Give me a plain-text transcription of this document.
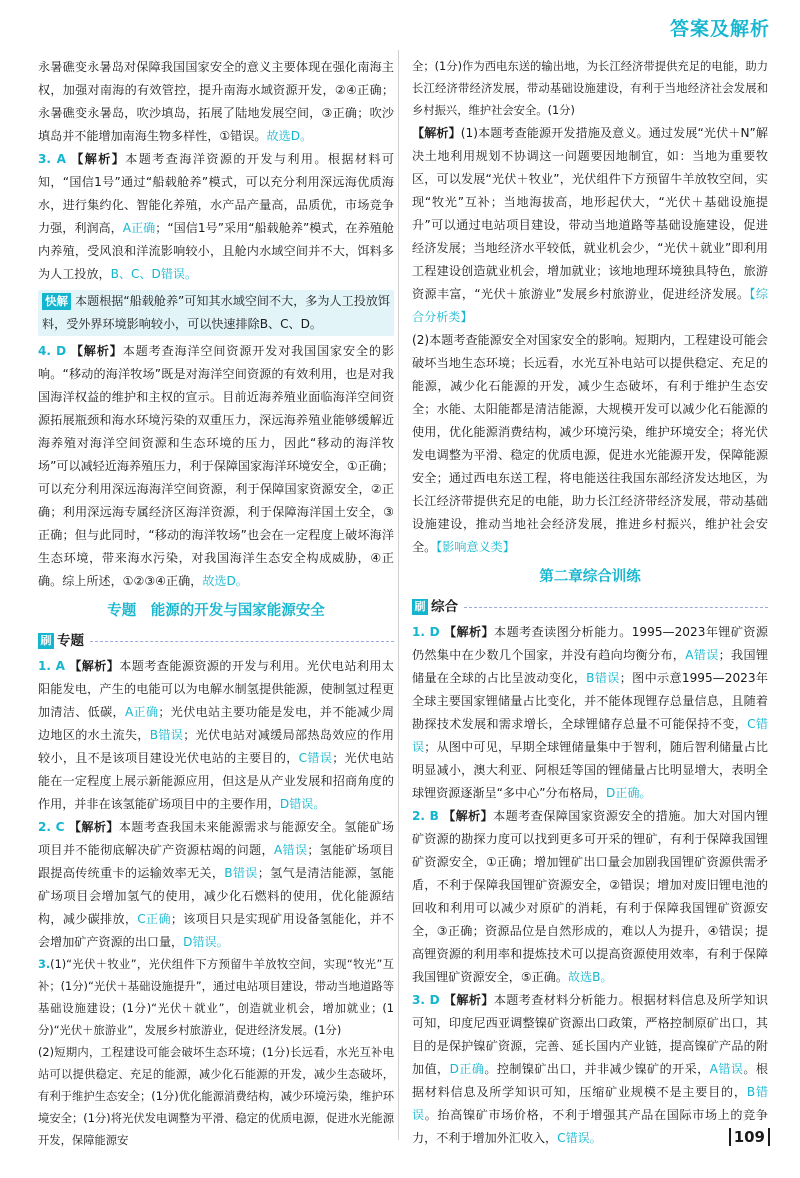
答案及解析

永暑礁变永暑岛对保障我国国家安全的意义主要体现在强化南海主权，加强对南海的有效管控，提升南海水域资源开发，②④正确；永暑礁变永暑岛，吹沙填岛，拓展了陆地发展空间，③正确；吹沙填岛并不能增加南海生物多样性，①错误。故选D。

3. A 【解析】本题考查海洋资源的开发与利用。根据材料可知，“国信1号”通过“船载舱养”模式，可以充分利用深远海优质海水，进行集约化、智能化养殖，水产品产量高，品质优，市场竞争力强，利润高，A正确；“国信1号”采用“船载舱养”模式，在养殖舱内养殖，受风浪和洋流影响较小，且舱内水域空间并不大，饵料多为人工投放，B、C、D错误。

快解 本题根据“船载舱养”可知其水域空间不大，多为人工投放饵料，受外界环境影响较小，可以快速排除B、C、D。

4. D 【解析】本题考查海洋空间资源开发对我国国家安全的影响。“移动的海洋牧场”既是对海洋空间资源的有效利用，也是对我国海洋权益的维护和主权的宣示。目前近海养殖业面临海洋空间资源拓展瓶颈和海水环境污染的双重压力，深远海养殖业能够缓解近海养殖对海洋空间资源和生态环境的压力，因此“移动的海洋牧场”可以减轻近海养殖压力，利于保障国家海洋环境安全，①正确；可以充分利用深远海海洋空间资源，利于保障国家资源安全，②正确；利用深远海专属经济区海洋资源，利于保障海洋国土安全，③正确；但与此同时，“移动的海洋牧场”也会在一定程度上破坏海洋生态环境，带来海水污染，对我国海洋生态安全构成威胁，④正确。综上所述，①②③④正确，故选D。

专题　能源的开发与国家能源安全
刷 专题

1. A 【解析】本题考查能源资源的开发与利用。光伏电站利用太阳能发电，产生的电能可以为电解水制氢提供能源，使制氢过程更加清洁、低碳，A正确；光伏电站主要功能是发电，并不能减少周边地区的水土流失，B错误；光伏电站对减缓局部热岛效应的作用较小，且不是该项目建设光伏电站的主要目的，C错误；光伏电站能在一定程度上展示新能源应用，但这是从产业发展和招商角度的作用，并非在该氢能矿场项目中的主要作用，D错误。

2. C 【解析】本题考查我国未来能源需求与能源安全。氢能矿场项目并不能彻底解决矿产资源枯竭的问题，A错误；氢能矿场项目跟提高传统重卡的运输效率无关，B错误；氢气是清洁能源，氢能矿场项目会增加氢气的使用，减少化石燃料的使用，优化能源结构，减少碳排放，C正确；该项目只是实现矿用设备氢能化，并不会增加矿产资源的出口量，D错误。

3.(1)“光伏＋牧业”，光伏组件下方预留牛羊放牧空间，实现“牧光”互补；(1分)“光伏＋基础设施提升”，通过电站项目建设，带动当地道路等基础设施建设；(1分)“光伏＋就业”，创造就业机会，增加就业；(1分)“光伏＋旅游业”，发展乡村旅游业，促进经济发展。(1分)

(2)短期内，工程建设可能会破坏生态环境；(1分)长远看，水光互补电站可以提供稳定、充足的能源，减少化石能源的开发，减少生态破坏，有利于维护生态安全；(1分)优化能源消费结构，减少环境污染，维护环境安全；(1分)将光伏发电调整为平滑、稳定的优质电源，促进水光能源开发，保障能源安

全；(1分)作为西电东送的输出地，为长江经济带提供充足的电能，助力长江经济带经济发展，带动基础设施建设，有利于当地经济社会发展和乡村振兴，维护社会安全。(1分)

【解析】(1)本题考查能源开发措施及意义。通过发展“光伏＋N”解决土地利用规划不协调这一问题要因地制宜，如：当地为重要牧区，可以发展“光伏＋牧业”，光伏组件下方预留牛羊放牧空间，实现“牧光”互补；当地海拔高，地形起伏大，“光伏＋基础设施提升”可以通过电站项目建设，带动当地道路等基础设施建设，促进经济发展；当地经济水平较低，就业机会少，“光伏＋就业”即利用工程建设创造就业机会，增加就业；该地地理环境独具特色，旅游资源丰富，“光伏＋旅游业”发展乡村旅游业，促进经济发展。【综合分析类】

(2)本题考查能源安全对国家安全的影响。短期内，工程建设可能会破坏当地生态环境；长远看，水光互补电站可以提供稳定、充足的能源，减少化石能源的开发，减少生态破坏，有利于维护生态安全；水能、太阳能都是清洁能源，大规模开发可以减少化石能源的使用，优化能源消费结构，减少环境污染，维护环境安全；将光伏发电调整为平滑、稳定的优质电源，促进水光能源开发，保障能源安全；通过西电东送工程，将电能送往我国东部经济发达地区，为长江经济带提供充足的电能，助力长江经济带经济发展，带动基础设施建设，推动当地社会经济发展，推进乡村振兴，维护社会安全。【影响意义类】

第二章综合训练
刷 综合

1. D 【解析】本题考查读图分析能力。1995—2023年锂矿资源仍然集中在少数几个国家，并没有趋向均衡分布，A错误；我国锂储量在全球的占比呈波动变化，B错误；图中示意1995—2023年全球主要国家锂储量占比变化，并不能体现锂存总量信息，且随着勘探技术发展和需求增长，全球锂储存总量不可能保持不变，C错误；从图中可见，早期全球锂储量集中于智利，随后智利储量占比明显减小，澳大利亚、阿根廷等国的锂储量占比明显增大，表明全球锂资源逐渐呈“多中心”分布格局，D正确。

2. B 【解析】本题考查保障国家资源安全的措施。加大对国内锂矿资源的勘探力度可以找到更多可开采的锂矿，有利于保障我国锂矿资源安全，①正确；增加锂矿出口量会加剧我国锂矿资源供需矛盾，不利于保障我国锂矿资源安全，②错误；增加对废旧锂电池的回收和利用可以减少对原矿的消耗，有利于保障我国锂矿资源安全，③正确；资源品位是自然形成的，难以人为提升，④错误；提高锂资源的利用率和提炼技术可以提高资源使用效率，有利于保障我国锂矿资源安全，⑤正确。故选B。

3. D 【解析】本题考查材料分析能力。根据材料信息及所学知识可知，印度尼西亚调整镍矿资源出口政策，严格控制原矿出口，其目的是保护镍矿资源，完善、延长国内产业链，提高镍矿产品的附加值，D正确。控制镍矿出口，并非减少镍矿的开采，A错误。根据材料信息及所学知识可知，压缩矿业规模不是主要目的，B错误。抬高镍矿市场价格，不利于增强其产品在国际市场上的竞争力，不利于增加外汇收入，C错误。	109
